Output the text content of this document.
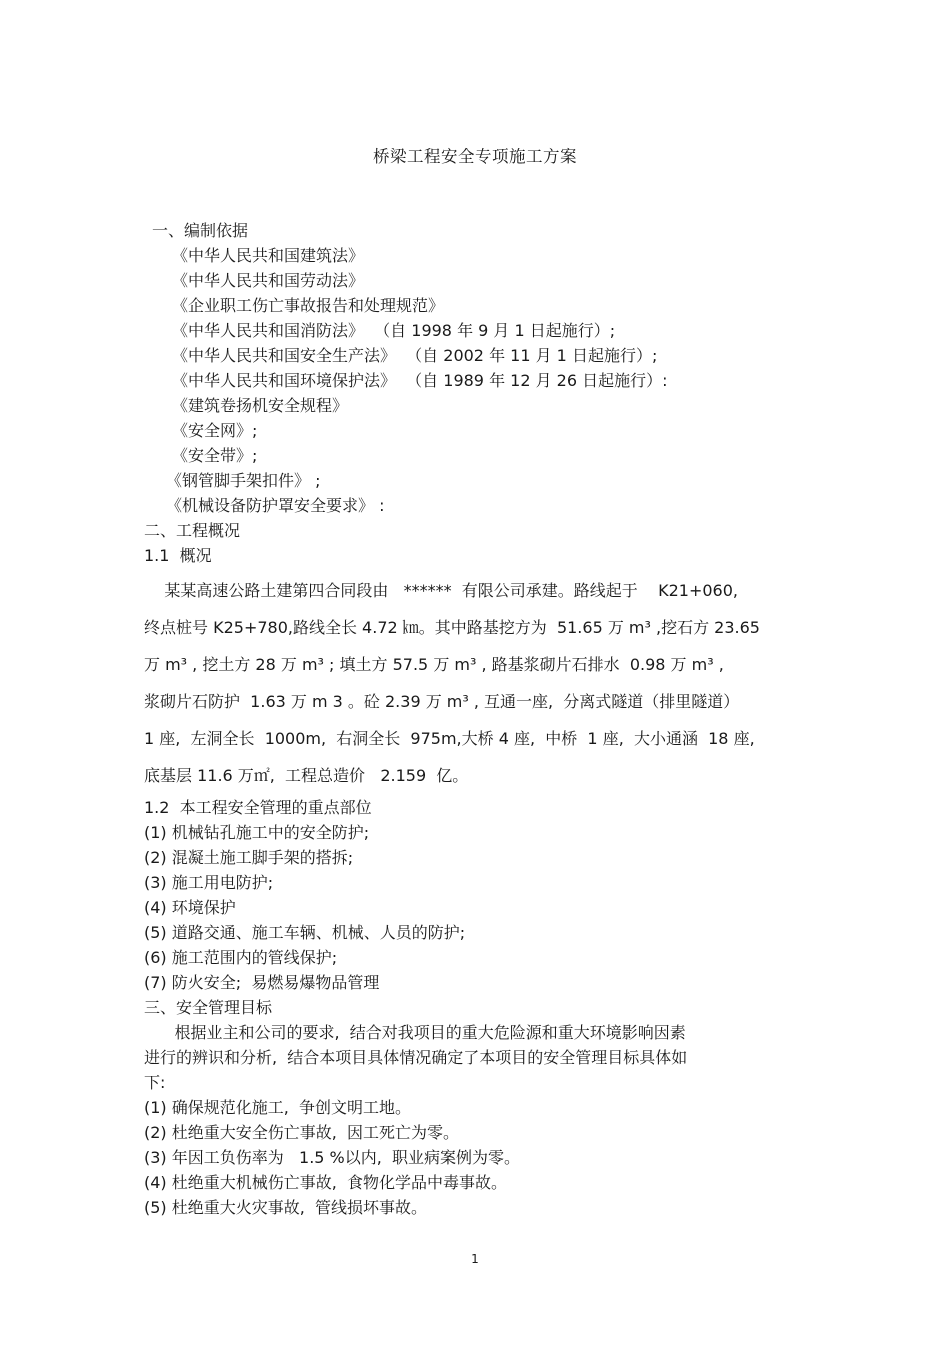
桥梁工程安全专项施工方案
一、编制依据
《中华人民共和国建筑法》
《中华人民共和国劳动法》
《企业职工伤亡事故报告和处理规范》
《中华人民共和国消防法》  （自 1998 年 9 月 1 日起施行）;
《中华人民共和国安全生产法》  （自 2002 年 11 月 1 日起施行）;
《中华人民共和国环境保护法》  （自 1989 年 12 月 26 日起施行）:
《建筑卷扬机安全规程》
《安全网》;
《安全带》;
《钢管脚手架扣件》 ;
《机械设备防护罩安全要求》 :
二、工程概况
1.1  概况
某某高速公路土建第四合同段由   ******  有限公司承建。路线起于    K21+060,
终点桩号 K25+780,路线全长 4.72 ㎞。其中路基挖方为  51.65 万 m³ ,挖石方 23.65
万 m³ , 挖土方 28 万 m³ ; 填土方 57.5 万 m³ , 路基浆砌片石排水  0.98 万 m³ ,
浆砌片石防护  1.63 万 m 3 。砼 2.39 万 m³ , 互通一座,  分离式隧道（排里隧道）
1 座,  左洞全长  1000m,  右洞全长  975m,大桥 4 座,  中桥  1 座,  大小通涵  18 座,
底基层 11.6 万㎡,  工程总造价   2.159  亿。
1.2  本工程安全管理的重点部位
(1) 机械钻孔施工中的安全防护;
(2) 混凝土施工脚手架的搭拆;
(3) 施工用电防护;
(4) 环境保护
(5) 道路交通、施工车辆、机械、人员的防护;
(6) 施工范围内的管线保护;
(7) 防火安全;  易燃易爆物品管理
三、安全管理目标
根据业主和公司的要求,  结合对我项目的重大危险源和重大环境影响因素
进行的辨识和分析,  结合本项目具体情况确定了本项目的安全管理目标具体如
下:
(1) 确保规范化施工,  争创文明工地。
(2) 杜绝重大安全伤亡事故,  因工死亡为零。
(3) 年因工负伤率为   1.5 %以内,  职业病案例为零。
(4) 杜绝重大机械伤亡事故,  食物化学品中毒事故。
(5) 杜绝重大火灾事故,  管线损坏事故。
1
